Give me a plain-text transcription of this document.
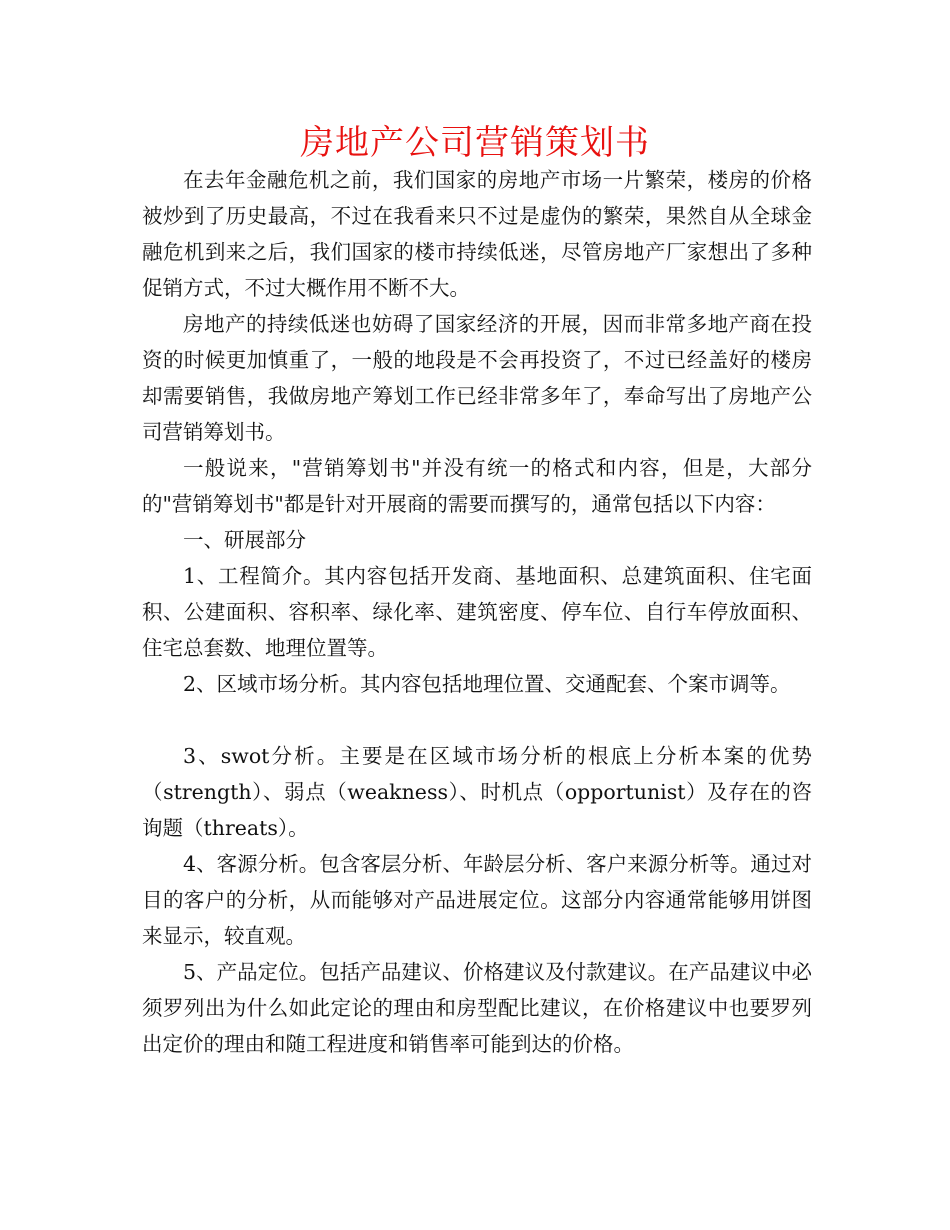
房地产公司营销策划书

在去年金融危机之前，我们国家的房地产市场一片繁荣，楼房的价格被炒到了历史最高，不过在我看来只不过是虚伪的繁荣，果然自从全球金融危机到来之后，我们国家的楼市持续低迷，尽管房地产厂家想出了多种促销方式，不过大概作用不断不大。

房地产的持续低迷也妨碍了国家经济的开展，因而非常多地产商在投资的时候更加慎重了，一般的地段是不会再投资了，不过已经盖好的楼房却需要销售，我做房地产筹划工作已经非常多年了，奉命写出了房地产公司营销筹划书。

一般说来，"营销筹划书"并没有统一的格式和内容，但是，大部分的"营销筹划书"都是针对开展商的需要而撰写的，通常包括以下内容：

一、研展部分

1、工程简介。其内容包括开发商、基地面积、总建筑面积、住宅面积、公建面积、容积率、绿化率、建筑密度、停车位、自行车停放面积、住宅总套数、地理位置等。

2、区域市场分析。其内容包括地理位置、交通配套、个案市调等。

3、swot分析。主要是在区域市场分析的根底上分析本案的优势（strength）、弱点（weakness）、时机点（opportunist）及存在的咨询题（threats）。

4、客源分析。包含客层分析、年龄层分析、客户来源分析等。通过对目的客户的分析，从而能够对产品进展定位。这部分内容通常能够用饼图来显示，较直观。

5、产品定位。包括产品建议、价格建议及付款建议。在产品建议中必须罗列出为什么如此定论的理由和房型配比建议，在价格建议中也要罗列出定价的理由和随工程进度和销售率可能到达的价格。
